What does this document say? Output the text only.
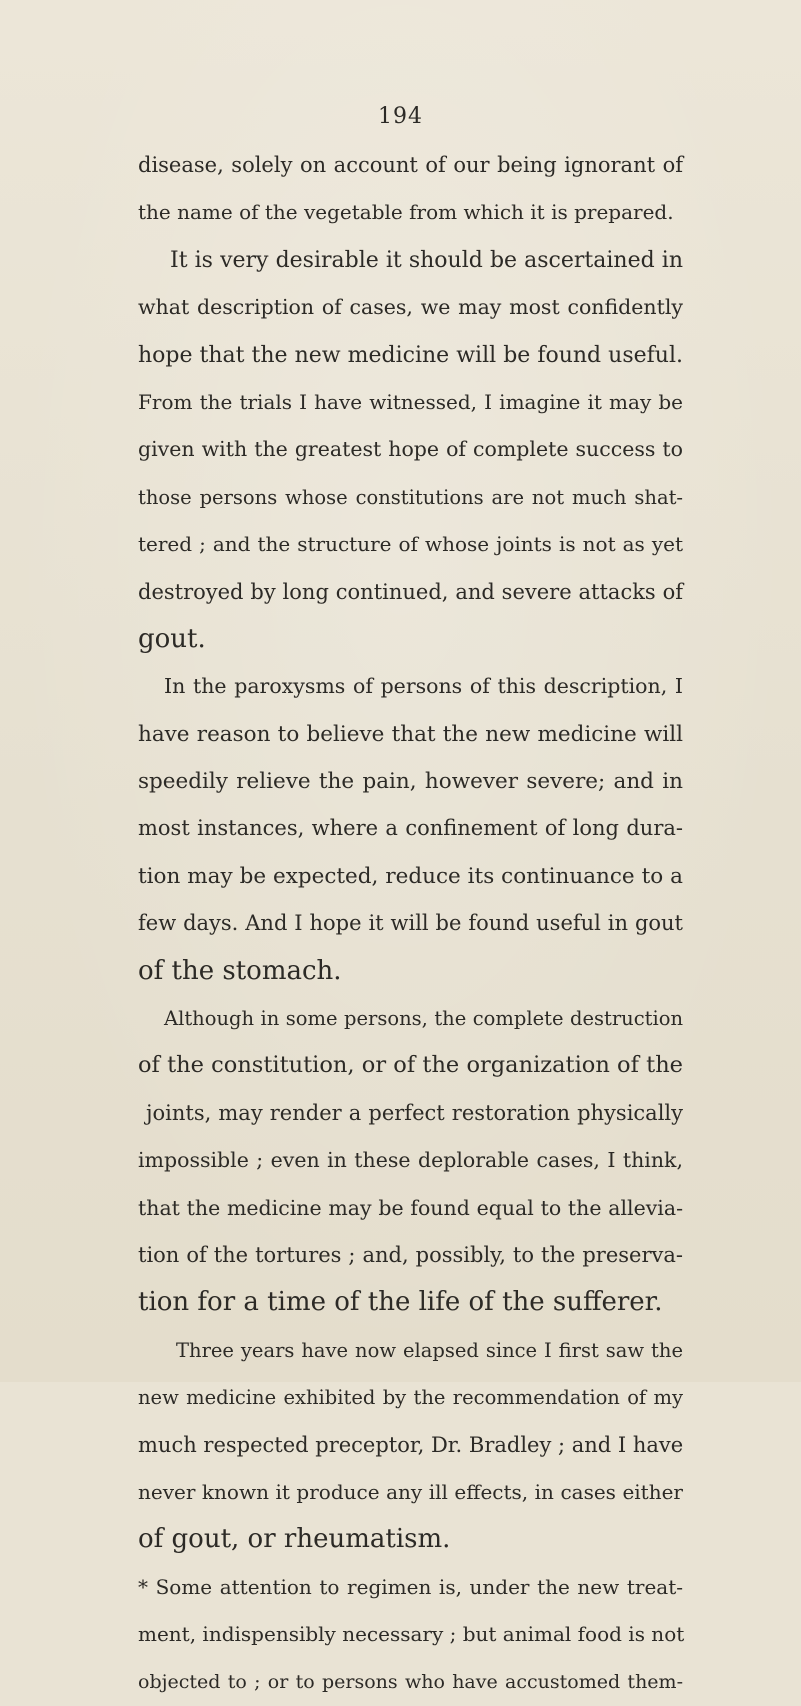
194
disease, solely on account of our being ignorant of
the name of the vegetable from which it is prepared.
It is very desirable it should be ascertained in
what description of cases, we may most confidently
hope that the new medicine will be found useful.
From the trials I have witnessed, I imagine it may be
given with the greatest hope of complete success to
those persons whose constitutions are not much shat-
tered ; and the structure of whose joints is not as yet
destroyed by long continued, and severe attacks of
gout.
In the paroxysms of persons of this description, I
have reason to believe that the new medicine will
speedily relieve the pain, however severe; and in
most instances, where a confinement of long dura-
tion may be expected, reduce its continuance to a
few days. And I hope it will be found useful in gout
of the stomach.
Although in some persons, the complete destruction
of the constitution, or of the organization of the
joints, may render a perfect restoration physically
impossible ; even in these deplorable cases, I think,
that the medicine may be found equal to the allevia-
tion of the tortures ; and, possibly, to the preserva-
tion for a time of the life of the sufferer.
Three years have now elapsed since I first saw the
new medicine exhibited by the recommendation of my
much respected preceptor, Dr. Bradley ; and I have
never known it produce any ill effects, in cases either
of gout, or rheumatism.
* Some attention to regimen is, under the new treat-
ment, indispensibly necessary ; but animal food is not
objected to ; or to persons who have accustomed them-
